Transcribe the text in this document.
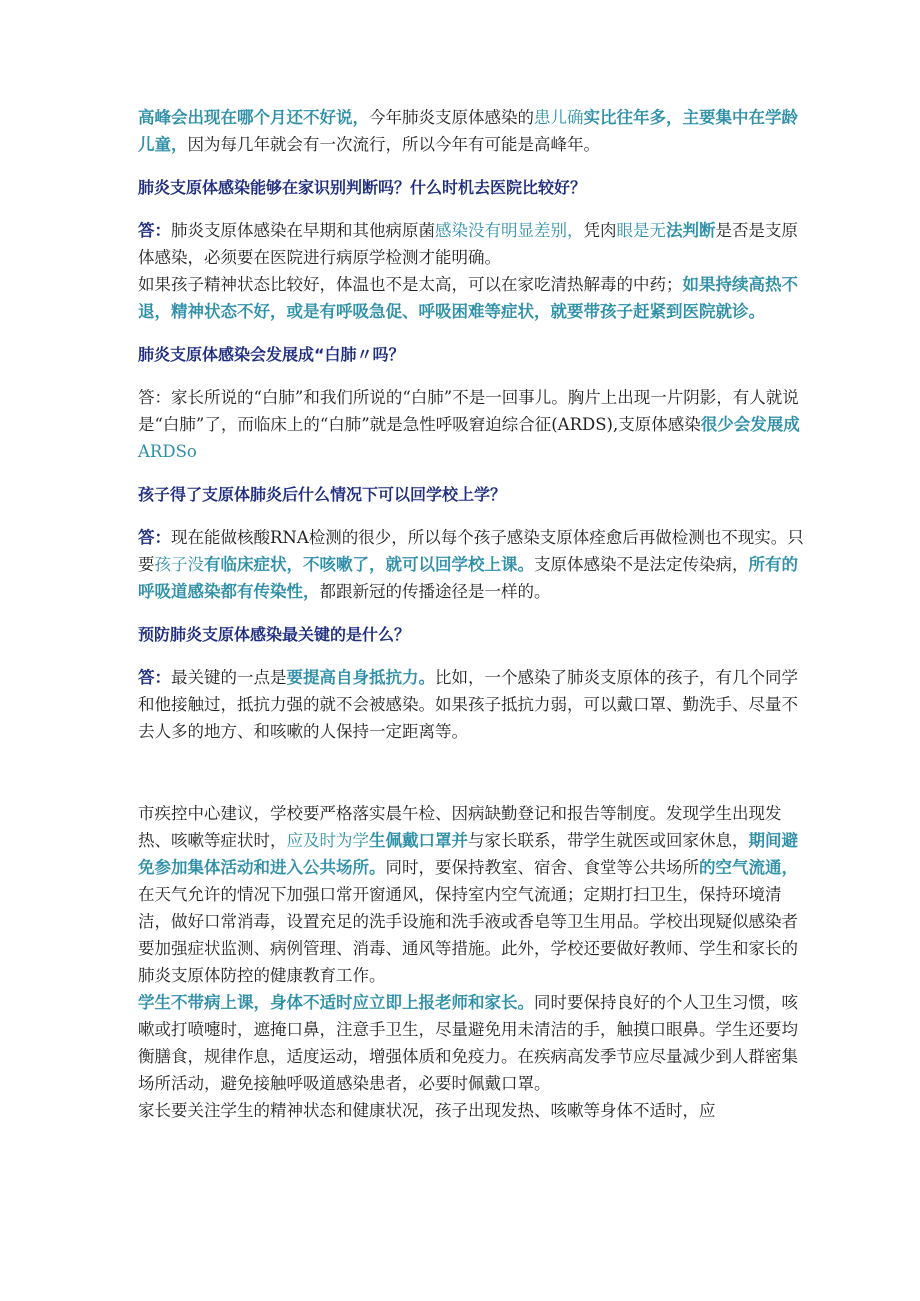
高峰会出现在哪个月还不好说，今年肺炎支原体感染的患儿确实比往年多，主要集中在学龄儿童，因为每几年就会有一次流行，所以今年有可能是高峰年。

肺炎支原体感染能够在家识别判断吗？什么时机去医院比较好？

答：肺炎支原体感染在早期和其他病原菌感染没有明显差别，凭肉眼是无法判断是否是支原体感染，必须要在医院进行病原学检测才能明确。

如果孩子精神状态比较好，体温也不是太高，可以在家吃清热解毒的中药；如果持续高热不退，精神状态不好，或是有呼吸急促、呼吸困难等症状，就要带孩子赶紧到医院就诊。

肺炎支原体感染会发展成“白肺〃吗？

答：家长所说的“白肺”和我们所说的“白肺”不是一回事儿。胸片上出现一片阴影，有人就说是“白肺”了，而临床上的“白肺”就是急性呼吸窘迫综合征(ARDS),支原体感染很少会发展成ARDSo

孩子得了支原体肺炎后什么情况下可以回学校上学？

答：现在能做核酸RNA检测的很少，所以每个孩子感染支原体痊愈后再做检测也不现实。只要孩子没有临床症状，不咳嗽了，就可以回学校上课。支原体感染不是法定传染病，所有的呼吸道感染都有传染性，都跟新冠的传播途径是一样的。

预防肺炎支原体感染最关键的是什么？

答：最关键的一点是要提高自身抵抗力。比如，一个感染了肺炎支原体的孩子，有几个同学和他接触过，抵抗力强的就不会被感染。如果孩子抵抗力弱，可以戴口罩、勤洗手、尽量不去人多的地方、和咳嗽的人保持一定距离等。

市疾控中心建议，学校要严格落实晨午检、因病缺勤登记和报告等制度。发现学生出现发热、咳嗽等症状时，应及时为学生佩戴口罩并与家长联系，带学生就医或回家休息，期间避免参加集体活动和进入公共场所。同时，要保持教室、宿舍、食堂等公共场所的空气流通，在天气允许的情况下加强口常开窗通风，保持室内空气流通；定期打扫卫生，保持环境清洁，做好口常消毒，设置充足的洗手设施和洗手液或香皂等卫生用品。学校出现疑似感染者要加强症状监测、病例管理、消毒、通风等措施。此外，学校还要做好教师、学生和家长的肺炎支原体防控的健康教育工作。

学生不带病上课，身体不适时应立即上报老师和家长。同时要保持良好的个人卫生习惯，咳嗽或打喷嚏时，遮掩口鼻，注意手卫生，尽量避免用未清洁的手，触摸口眼鼻。学生还要均衡膳食，规律作息，适度运动，增强体质和免疫力。在疾病高发季节应尽量减少到人群密集场所活动，避免接触呼吸道感染患者，必要时佩戴口罩。

家长要关注学生的精神状态和健康状况，孩子出现发热、咳嗽等身体不适时，应
